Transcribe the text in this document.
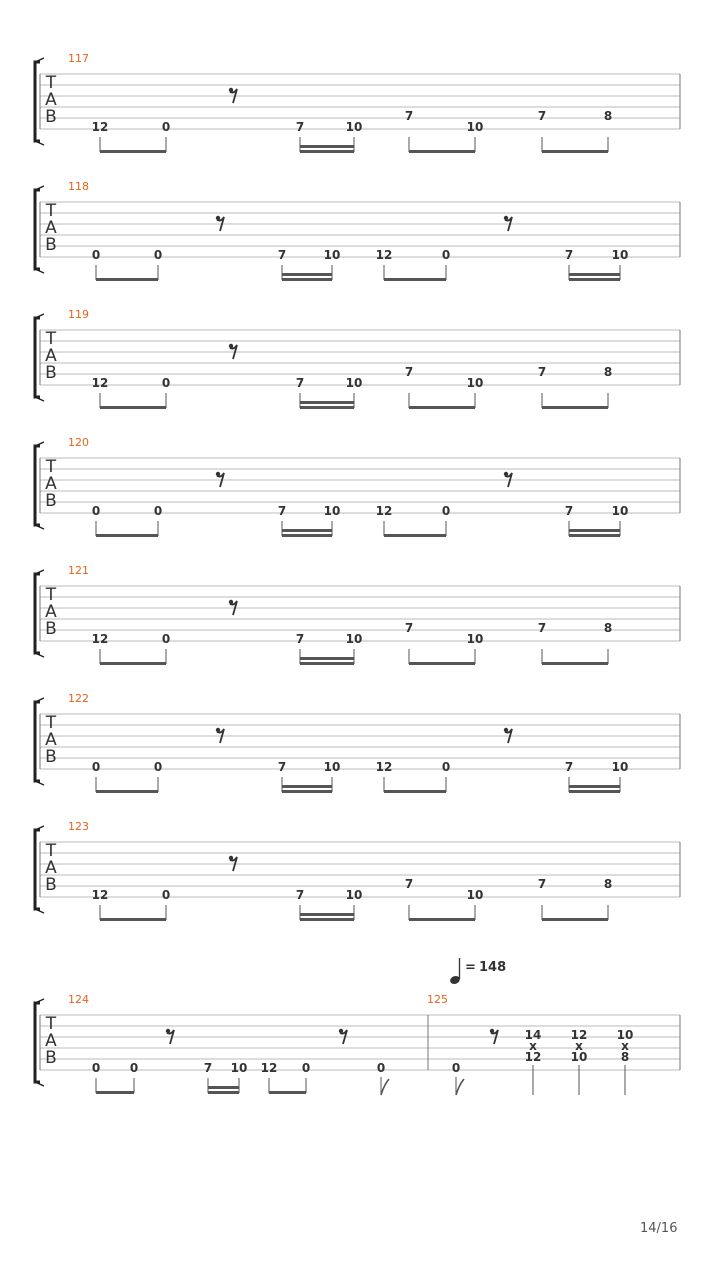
T
A
B
117
12	0	7	10
7
10
7	8
T
A
B
118
0	0	7	10	12	0	7	10
T
A
B
119
12	0	7	10
7
10
7	8
T
A
B
120
0	0	7	10	12	0	7	10
T
A
B
121
12	0	7	10
7
10
7	8
T
A
B
122
0	0	7	10	12	0	7	10
T
A
B
123
12	0	7	10
7
10
7	8
T
A
B
124	125
= 148
0 0	7 10 12 0	0	0
14
x
12
12
x
10
10
x
8
14/16
